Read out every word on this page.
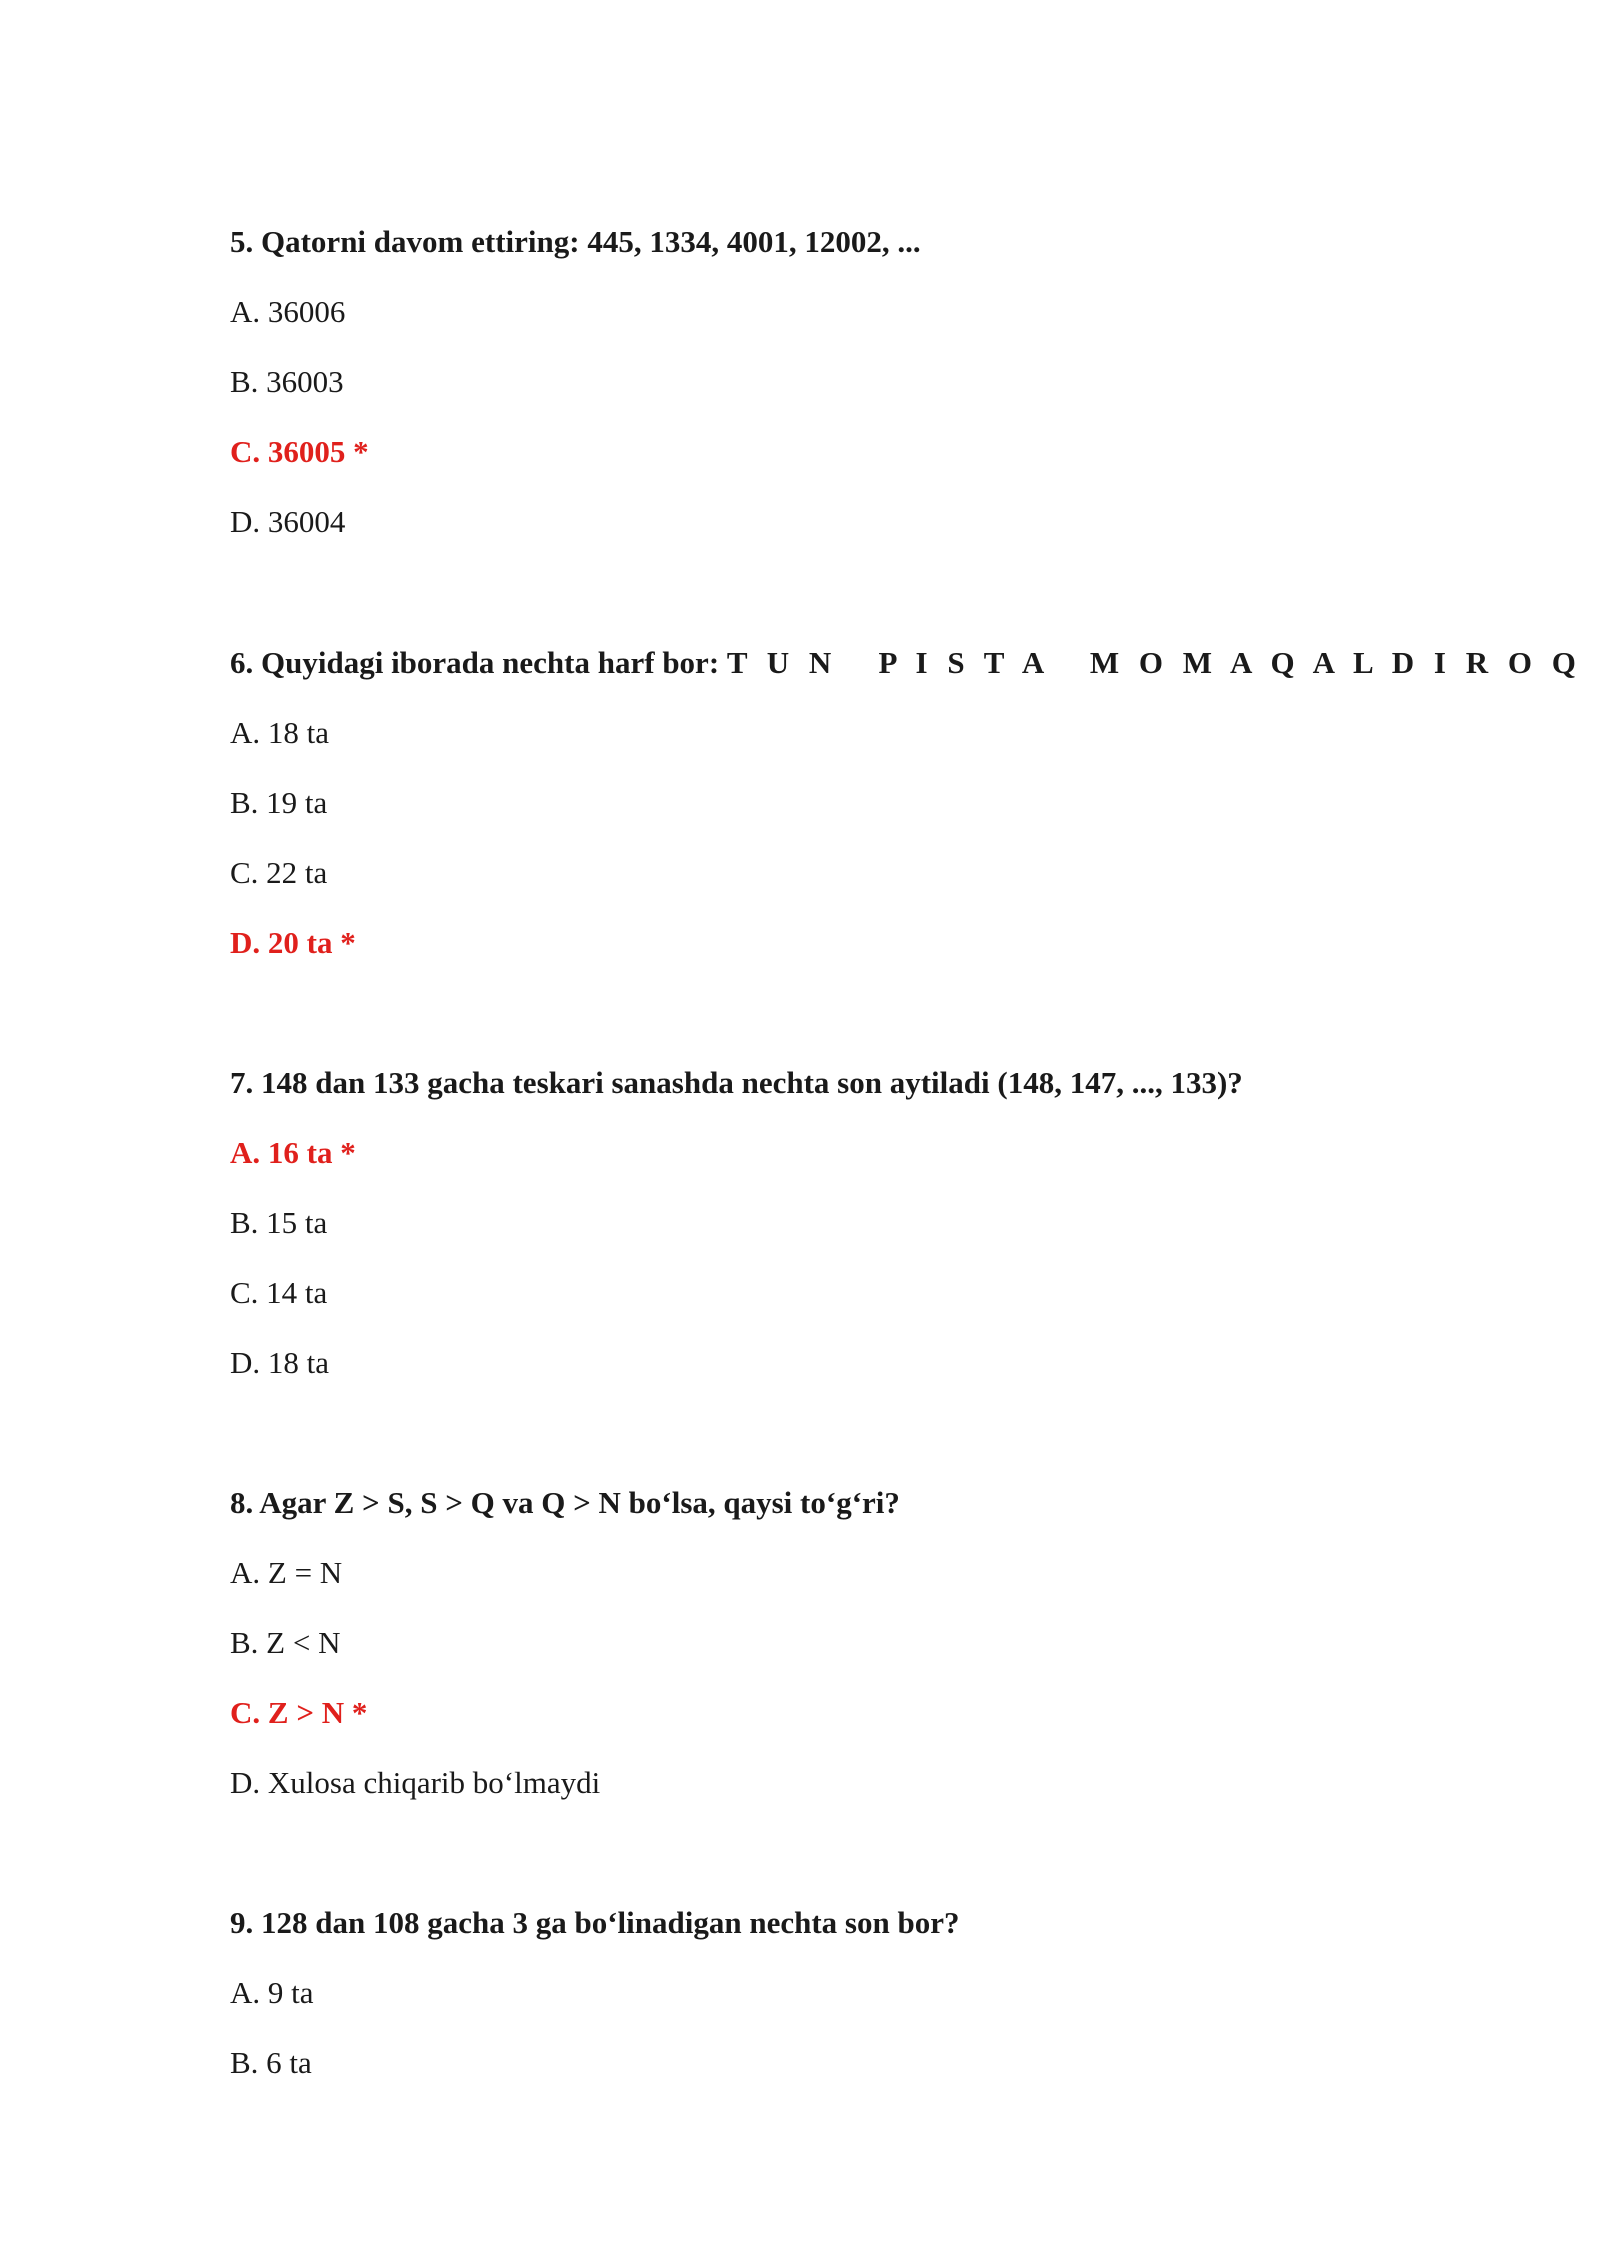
5. Qatorni davom ettiring: 445, 1334, 4001, 12002, ...
A. 36006
B. 36003
C. 36005 *
D. 36004
6. Quyidagi iborada nechta harf bor: T U N   P I S T A   M O M A Q A L D I R O Q
A. 18 ta
B. 19 ta
C. 22 ta
D. 20 ta *
7. 148 dan 133 gacha teskari sanashda nechta son aytiladi (148, 147, ..., 133)?
A. 16 ta *
B. 15 ta
C. 14 ta
D. 18 ta
8. Agar Z > S, S > Q va Q > N bo‘lsa, qaysi to‘g‘ri?
A. Z = N
B. Z < N
C. Z > N *
D. Xulosa chiqarib bo‘lmaydi
9. 128 dan 108 gacha 3 ga bo‘linadigan nechta son bor?
A. 9 ta
B. 6 ta
